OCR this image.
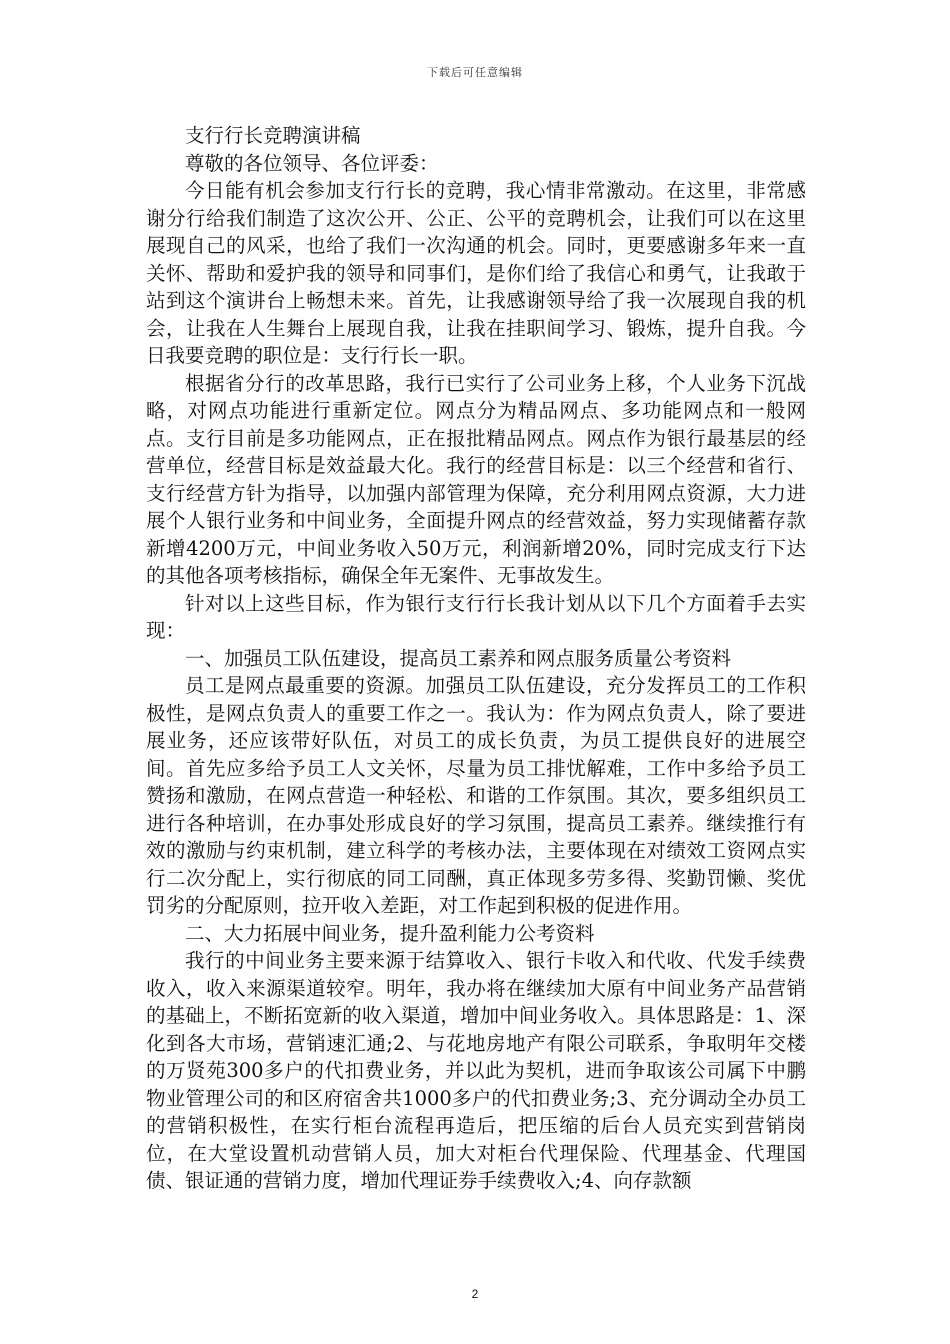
下载后可任意编辑

支行行长竞聘演讲稿

尊敬的各位领导、各位评委：

今日能有机会参加支行行长的竞聘，我心情非常激动。在这里，非常感谢分行给我们制造了这次公开、公正、公平的竞聘机会，让我们可以在这里展现自己的风采，也给了我们一次沟通的机会。同时，更要感谢多年来一直关怀、帮助和爱护我的领导和同事们，是你们给了我信心和勇气，让我敢于站到这个演讲台上畅想未来。首先，让我感谢领导给了我一次展现自我的机会，让我在人生舞台上展现自我，让我在挂职间学习、锻炼，提升自我。今日我要竞聘的职位是：支行行长一职。

根据省分行的改革思路，我行已实行了公司业务上移，个人业务下沉战略，对网点功能进行重新定位。网点分为精品网点、多功能网点和一般网点。支行目前是多功能网点，正在报批精品网点。网点作为银行最基层的经营单位，经营目标是效益最大化。我行的经营目标是：以三个经营和省行、支行经营方针为指导，以加强内部管理为保障，充分利用网点资源，大力进展个人银行业务和中间业务，全面提升网点的经营效益，努力实现储蓄存款新增4200万元，中间业务收入50万元，利润新增20%，同时完成支行下达的其他各项考核指标，确保全年无案件、无事故发生。

针对以上这些目标，作为银行支行行长我计划从以下几个方面着手去实现：

一、加强员工队伍建设，提高员工素养和网点服务质量公考资料

员工是网点最重要的资源。加强员工队伍建设，充分发挥员工的工作积极性，是网点负责人的重要工作之一。我认为：作为网点负责人，除了要进展业务，还应该带好队伍，对员工的成长负责，为员工提供良好的进展空间。首先应多给予员工人文关怀，尽量为员工排忧解难，工作中多给予员工赞扬和激励，在网点营造一种轻松、和谐的工作氛围。其次，要多组织员工进行各种培训，在办事处形成良好的学习氛围，提高员工素养。继续推行有效的激励与约束机制，建立科学的考核办法，主要体现在对绩效工资网点实行二次分配上，实行彻底的同工同酬，真正体现多劳多得、奖勤罚懒、奖优罚劣的分配原则，拉开收入差距，对工作起到积极的促进作用。

二、大力拓展中间业务，提升盈利能力公考资料

我行的中间业务主要来源于结算收入、银行卡收入和代收、代发手续费收入，收入来源渠道较窄。明年，我办将在继续加大原有中间业务产品营销的基础上，不断拓宽新的收入渠道，增加中间业务收入。具体思路是：1、深化到各大市场，营销速汇通;2、与花地房地产有限公司联系，争取明年交楼的万贤苑300多户的代扣费业务，并以此为契机，进而争取该公司属下中鹏物业管理公司的和区府宿舍共1000多户的代扣费业务;3、充分调动全办员工的营销积极性，在实行柜台流程再造后，把压缩的后台人员充实到营销岗位，在大堂设置机动营销人员，加大对柜台代理保险、代理基金、代理国债、银证通的营销力度，增加代理证券手续费收入;4、向存款额

2
